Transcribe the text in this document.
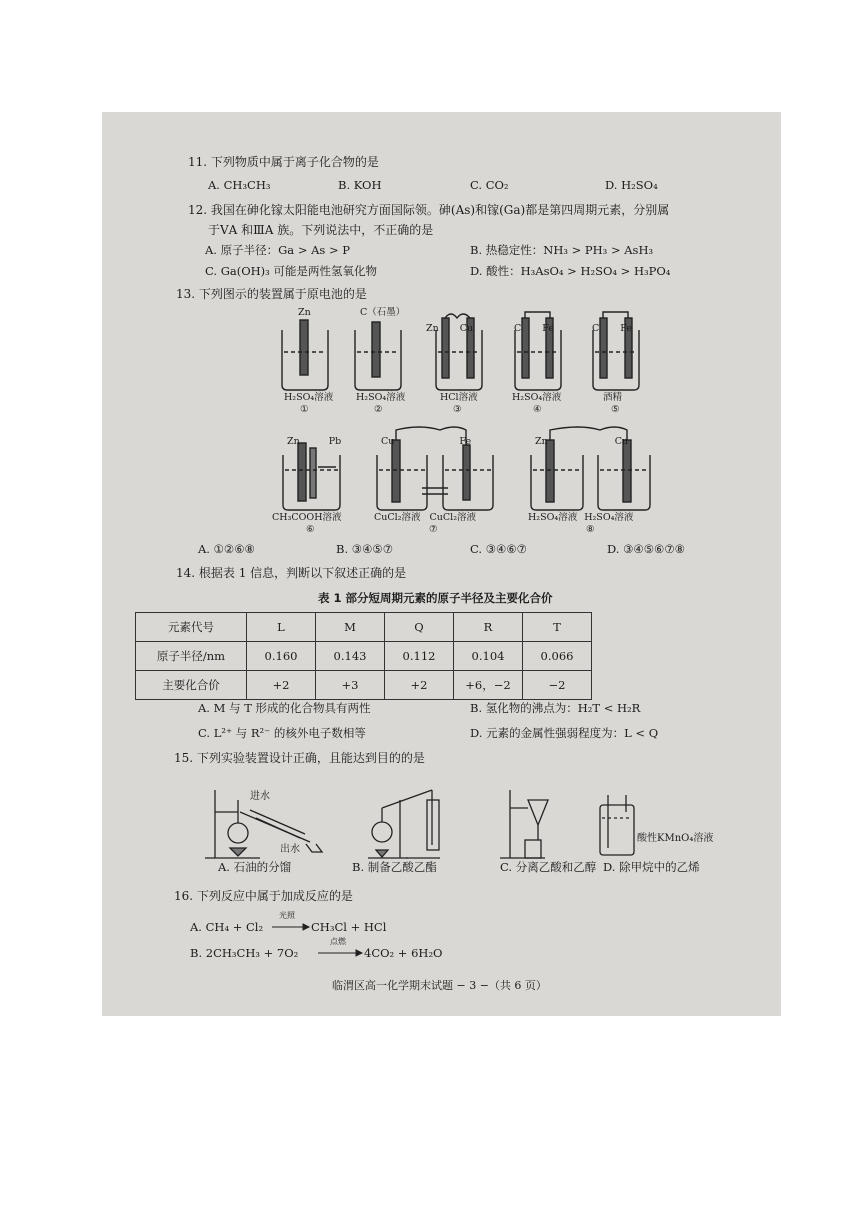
11. 下列物质中属于离子化合物的是
A. CH₃CH₃	B. KOH	C. CO₂	D. H₂SO₄
12. 我国在砷化镓太阳能电池研究方面国际领。砷(As)和镓(Ga)都是第四周期元素，分别属
于ⅤA 和ⅢA 族。下列说法中，不正确的是
A. 原子半径：Ga > As > P	B. 热稳定性：NH₃ > PH₃ > AsH₃
C. Ga(OH)₃ 可能是两性氢氧化物	D. 酸性：H₃AsO₄ > H₂SO₄ > H₃PO₄
13. 下列图示的装置属于原电池的是
Zn
H₂SO₄溶液
①
C（石墨）
H₂SO₄溶液
②
Zn Cu
HCl溶液
③
C Fe
H₂SO₄溶液
④
C Fe
酒精
⑤
Zn Pb
CH₃COOH溶液
⑥
Cu Fe
CuCl₂溶液 CuCl₂溶液
⑦
Zn Cu
H₂SO₄溶液 H₂SO₄溶液
⑧
A. ①②⑥⑧	B. ③④⑤⑦	C. ③④⑥⑦	D. ③④⑤⑥⑦⑧
14. 根据表 1 信息，判断以下叙述正确的是
表 1 部分短周期元素的原子半径及主要化合价
元素代号	L	M	Q	R	T
原子半径/nm	0.160	0.143	0.112	0.104	0.066
主要化合价	+2	+3	+2	+6，−2	−2
A. M 与 T 形成的化合物具有两性	B. 氢化物的沸点为：H₂T < H₂R
C. L²⁺ 与 R²⁻ 的核外电子数相等	D. 元素的金属性强弱程度为：L < Q
15. 下列实验装置设计正确，且能达到目的的是
进水
出水
酸性KMnO₄溶液
A. 石油的分馏	B. 制备乙酸乙酯	C. 分离乙酸和乙醇 D. 除甲烷中的乙烯
16. 下列反应中属于加成反应的是
A. CH₄ + Cl₂
光照
CH₃Cl + HCl
B. 2CH₃CH₃ + 7O₂
点燃
4CO₂ + 6H₂O
临渭区高一化学期末试题 − 3 −（共 6 页）
